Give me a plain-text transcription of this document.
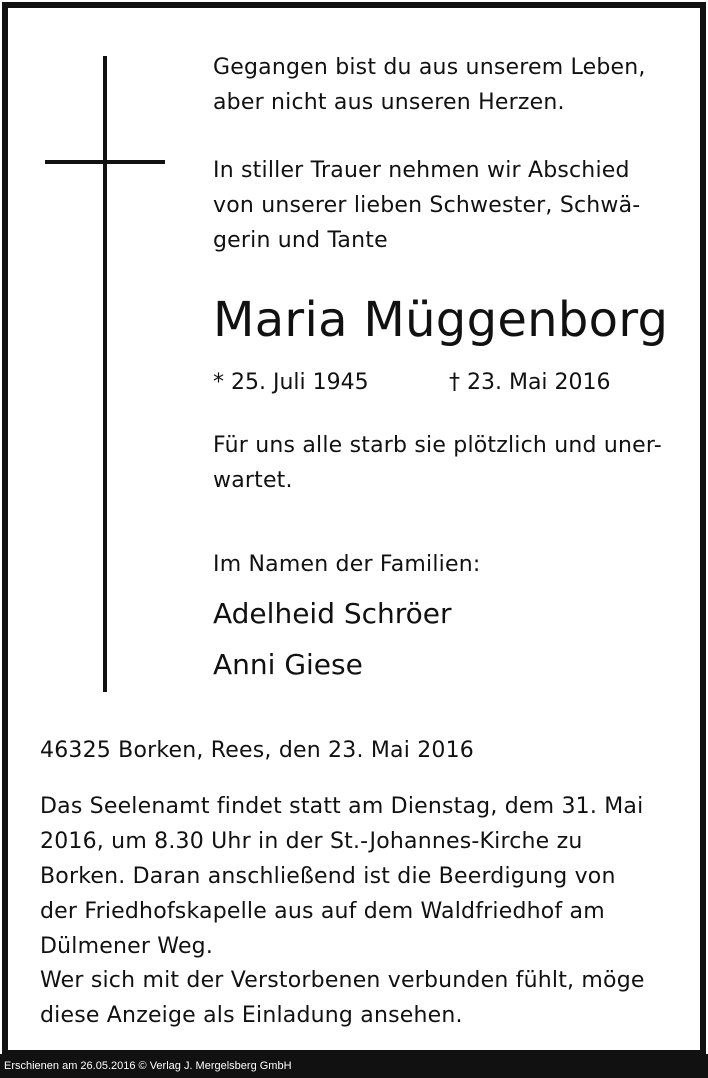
Gegangen bist du aus unserem Leben,
aber nicht aus unseren Herzen.
In stiller Trauer nehmen wir Abschied
von unserer lieben Schwester, Schwä-
gerin und Tante
Maria Müggenborg
* 25. Juli 1945	† 23. Mai 2016
Für uns alle starb sie plötzlich und uner-
wartet.
Im Namen der Familien:
Adelheid Schröer
Anni Giese
46325 Borken, Rees, den 23. Mai 2016
Das Seelenamt findet statt am Dienstag, dem 31. Mai
2016, um 8.30 Uhr in der St.-Johannes-Kirche zu
Borken. Daran anschließend ist die Beerdigung von
der Friedhofskapelle aus auf dem Waldfriedhof am
Dülmener Weg.
Wer sich mit der Verstorbenen verbunden fühlt, möge
diese Anzeige als Einladung ansehen.
Erschienen am 26.05.2016 © Verlag J. Mergelsberg GmbH
